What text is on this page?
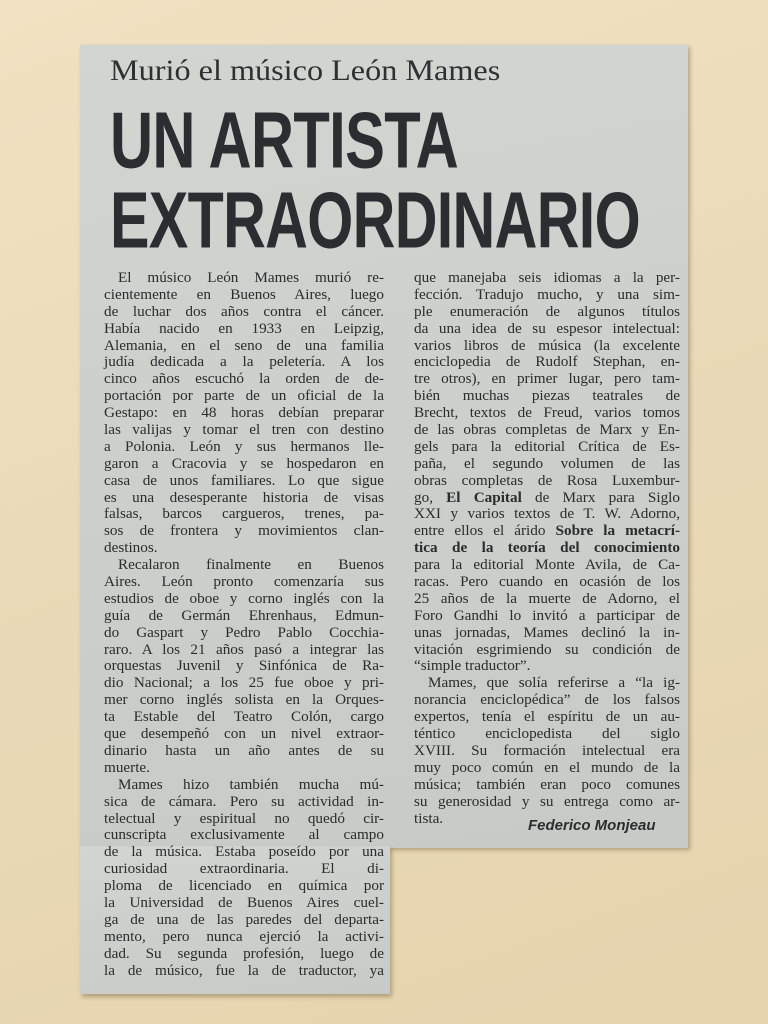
Murió el músico León Mames
UN ARTISTA
EXTRAORDINARIO
El músico León Mames murió re-
cientemente en Buenos Aires, luego
de luchar dos años contra el cáncer.
Había nacido en 1933 en Leipzig,
Alemania, en el seno de una familia
judía dedicada a la peletería. A los
cinco años escuchó la orden de de-
portación por parte de un oficial de la
Gestapo: en 48 horas debían preparar
las valijas y tomar el tren con destino
a Polonia. León y sus hermanos lle-
garon a Cracovia y se hospedaron en
casa de unos familiares. Lo que sigue
es una desesperante historia de visas
falsas, barcos cargueros, trenes, pa-
sos de frontera y movimientos clan-
destinos.
Recalaron finalmente en Buenos
Aires. León pronto comenzaría sus
estudios de oboe y corno inglés con la
guía de Germán Ehrenhaus, Edmun-
do Gaspart y Pedro Pablo Cocchia-
raro. A los 21 años pasó a integrar las
orquestas Juvenil y Sinfónica de Ra-
dio Nacional; a los 25 fue oboe y pri-
mer corno inglés solista en la Orques-
ta Estable del Teatro Colón, cargo
que desempeñó con un nivel extraor-
dinario hasta un año antes de su
muerte.
Mames hizo también mucha mú-
sica de cámara. Pero su actividad in-
telectual y espiritual no quedó cir-
cunscripta exclusivamente al campo
de la música. Estaba poseído por una
curiosidad extraordinaria. El di-
ploma de licenciado en química por
la Universidad de Buenos Aires cuel-
ga de una de las paredes del departa-
mento, pero nunca ejerció la activi-
dad. Su segunda profesión, luego de
la de músico, fue la de traductor, ya
que manejaba seis idiomas a la per-
fección. Tradujo mucho, y una sim-
ple enumeración de algunos títulos
da una idea de su espesor intelectual:
varios libros de música (la excelente
enciclopedia de Rudolf Stephan, en-
tre otros), en primer lugar, pero tam-
bién muchas piezas teatrales de
Brecht, textos de Freud, varios tomos
de las obras completas de Marx y En-
gels para la editorial Crítica de Es-
paña, el segundo volumen de las
obras completas de Rosa Luxembur-
go, El Capital de Marx para Siglo
XXI y varios textos de T. W. Adorno,
entre ellos el árido Sobre la metacrí-
tica de la teoría del conocimiento
para la editorial Monte Avila, de Ca-
racas. Pero cuando en ocasión de los
25 años de la muerte de Adorno, el
Foro Gandhi lo invitó a participar de
unas jornadas, Mames declinó la in-
vitación esgrimiendo su condición de
“simple traductor”.
Mames, que solía referirse a “la ig-
norancia enciclopédica” de los falsos
expertos, tenía el espíritu de un au-
téntico enciclopedista del siglo
XVIII. Su formación intelectual era
muy poco común en el mundo de la
música; también eran poco comunes
su generosidad y su entrega como ar-
tista.	Federico Monjeau
